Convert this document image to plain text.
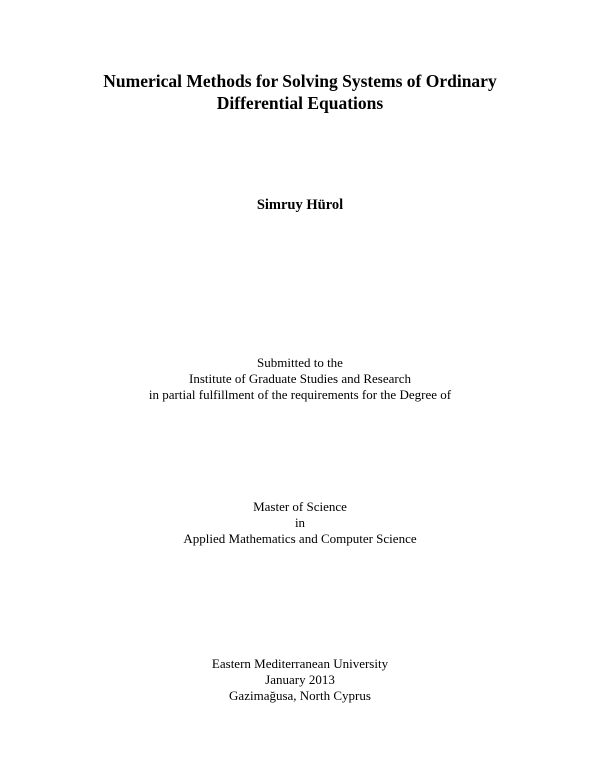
Numerical Methods for Solving Systems of Ordinary
Differential Equations
Simruy Hürol
Submitted to the
Institute of Graduate Studies and Research
in partial fulfillment of the requirements for the Degree of
Master of Science
in
Applied Mathematics and Computer Science
Eastern Mediterranean University
January 2013
Gazimağusa, North Cyprus
